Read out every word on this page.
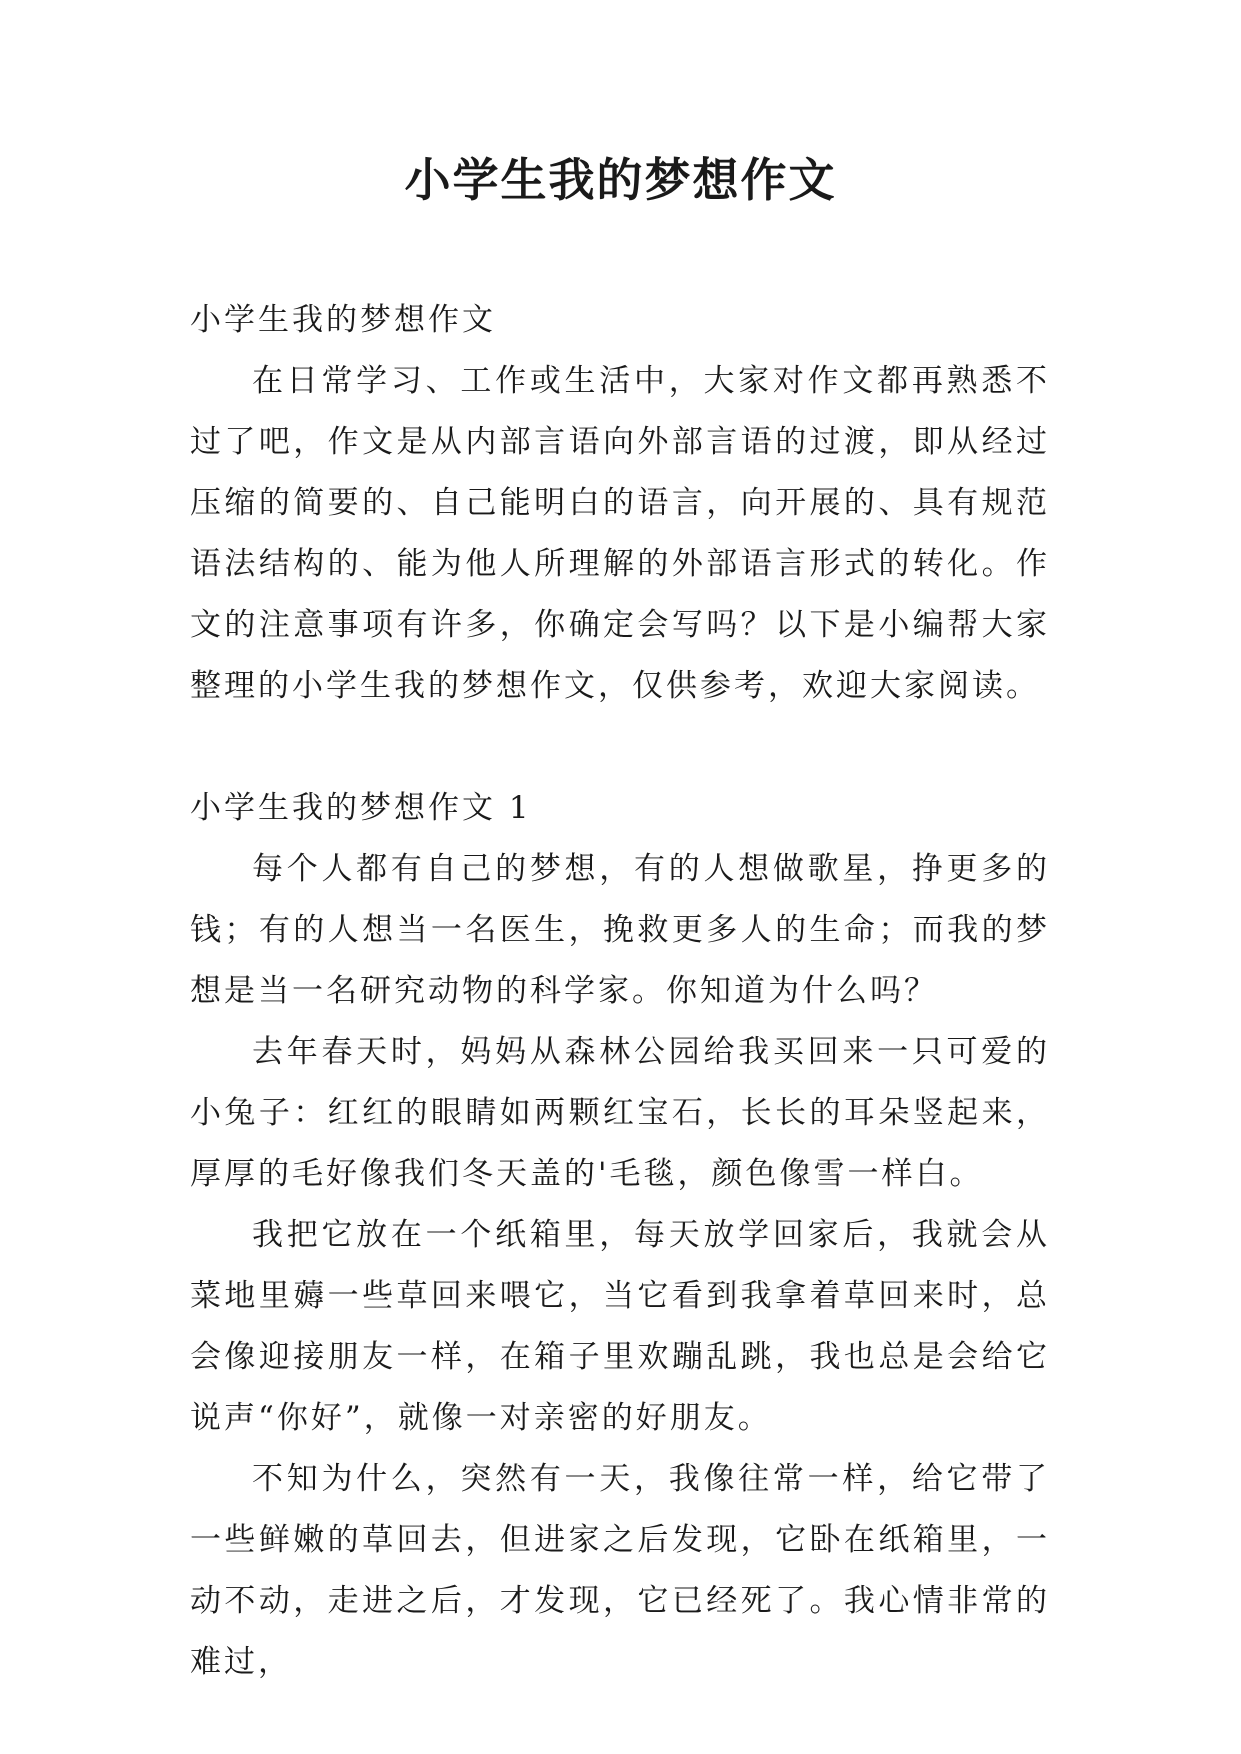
小学生我的梦想作文

小学生我的梦想作文

在日常学习、工作或生活中，大家对作文都再熟悉不过了吧，作文是从内部言语向外部言语的过渡，即从经过压缩的简要的、自己能明白的语言，向开展的、具有规范语法结构的、能为他人所理解的外部语言形式的转化。作文的注意事项有许多，你确定会写吗？以下是小编帮大家整理的小学生我的梦想作文，仅供参考，欢迎大家阅读。

小学生我的梦想作文 1

每个人都有自己的梦想，有的人想做歌星，挣更多的钱；有的人想当一名医生，挽救更多人的生命；而我的梦想是当一名研究动物的科学家。你知道为什么吗？

去年春天时，妈妈从森林公园给我买回来一只可爱的小兔子：红红的眼睛如两颗红宝石，长长的耳朵竖起来，厚厚的毛好像我们冬天盖的'毛毯，颜色像雪一样白。

我把它放在一个纸箱里，每天放学回家后，我就会从菜地里薅一些草回来喂它，当它看到我拿着草回来时，总会像迎接朋友一样，在箱子里欢蹦乱跳，我也总是会给它说声“你好”，就像一对亲密的好朋友。

不知为什么，突然有一天，我像往常一样，给它带了一些鲜嫩的草回去，但进家之后发现，它卧在纸箱里，一动不动，走进之后，才发现，它已经死了。我心情非常的难过，
